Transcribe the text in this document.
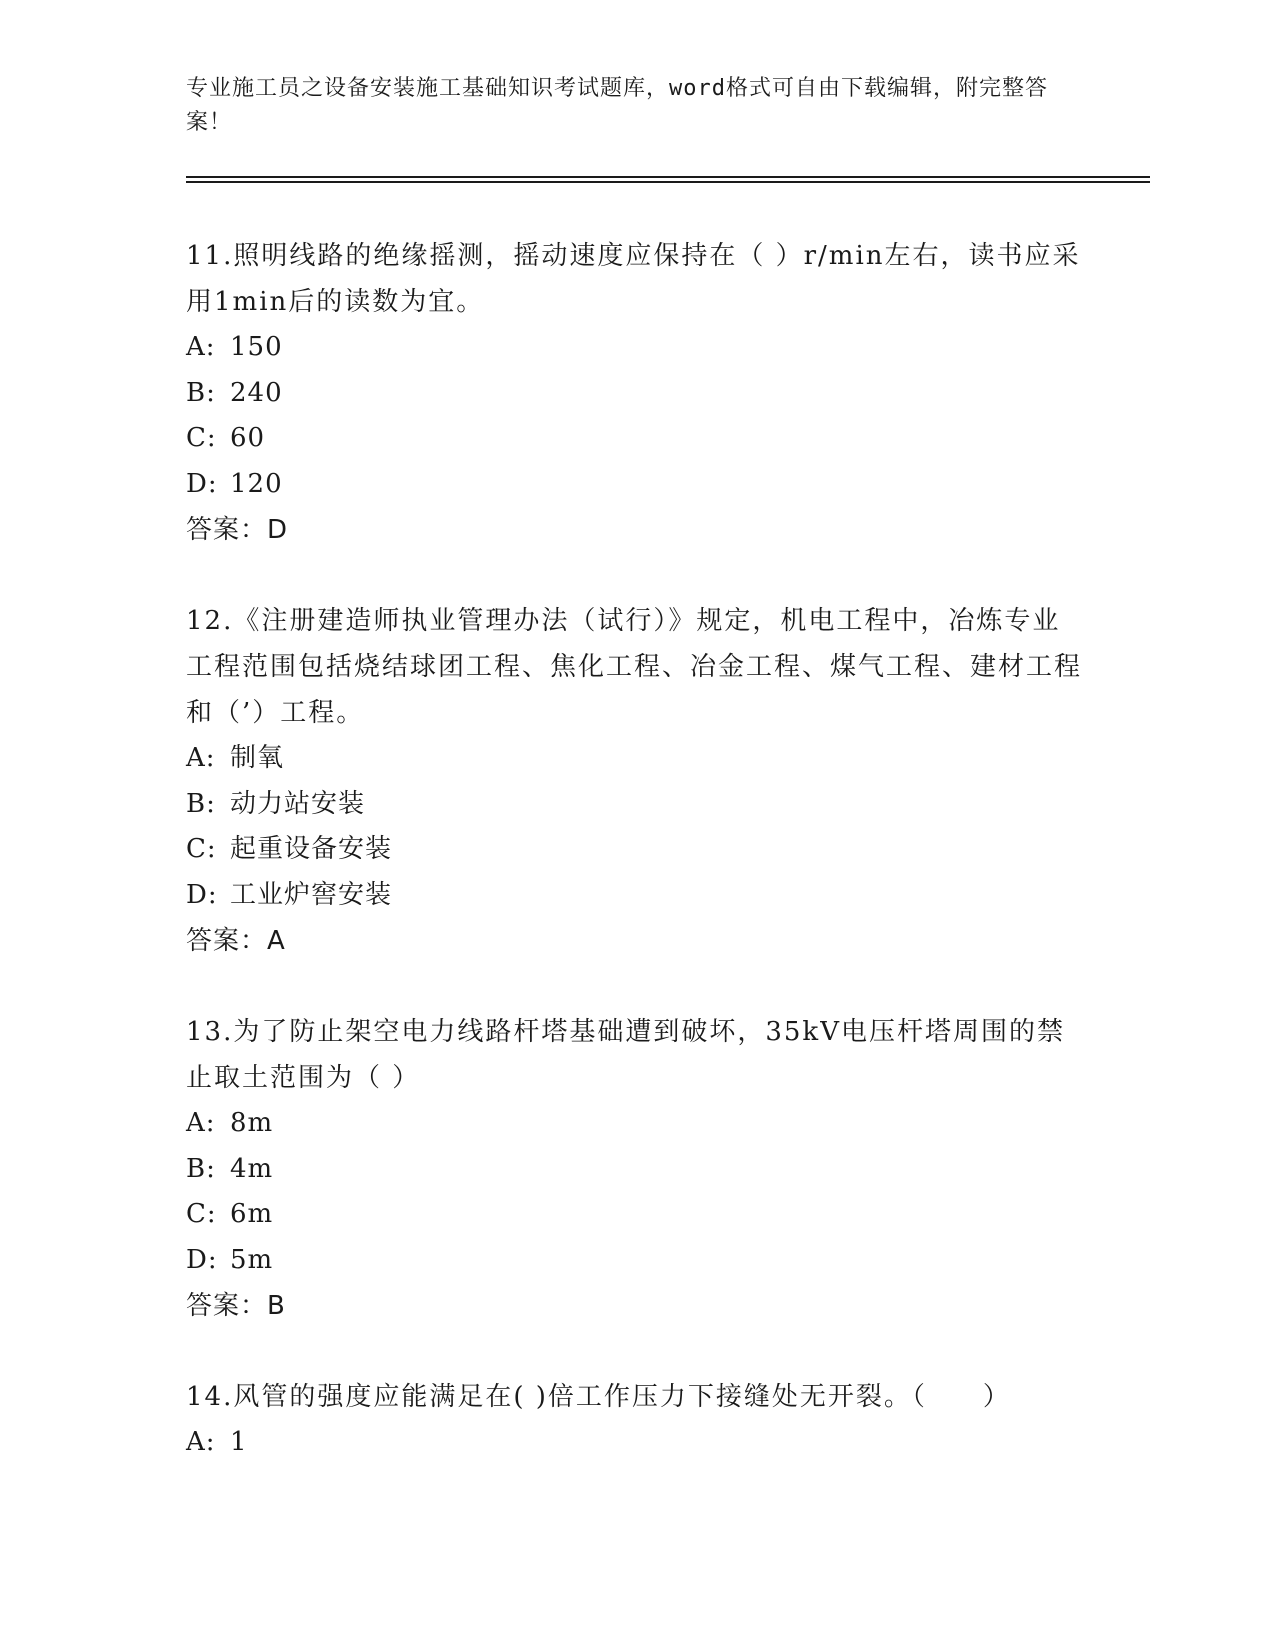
专业施工员之设备安装施工基础知识考试题库，word格式可自由下载编辑，附完整答案！
11.照明线路的绝缘摇测，摇动速度应保持在（ ）r/min左右，读书应采用1min后的读数为宜。
A: 150
B: 240
C: 60
D: 120
答案：D
12.《注册建造师执业管理办法（试行）》规定，机电工程中，冶炼专业工程范围包括烧结球团工程、焦化工程、冶金工程、煤气工程、建材工程和（’）工程。
A: 制氧
B: 动力站安装
C: 起重设备安装
D: 工业炉窖安装
答案：A
13.为了防止架空电力线路杆塔基础遭到破坏，35kV电压杆塔周围的禁止取土范围为（ ）
A: 8m
B: 4m
C: 6m
D: 5m
答案：B
14.风管的强度应能满足在( )倍工作压力下接缝处无开裂。（　　）
A: 1
